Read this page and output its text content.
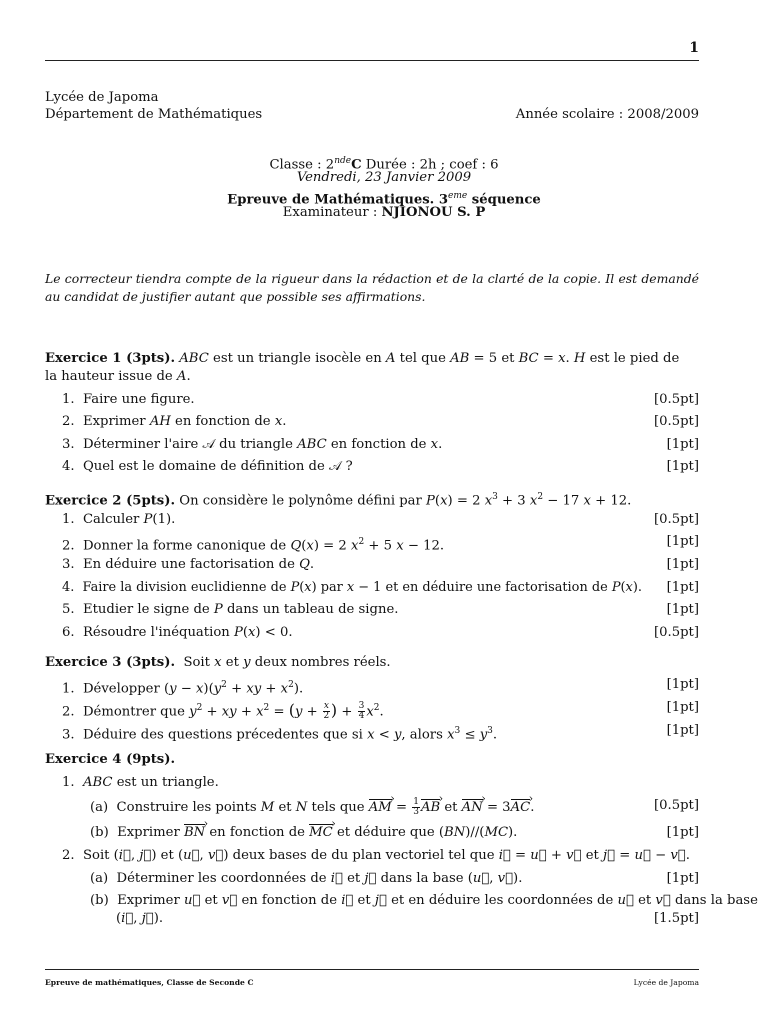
1
Lycée de Japoma
Département de Mathématiques	Année scolaire : 2008/2009
Classe : 2ndeC Durée : 2h ; coef : 6
Vendredi, 23 Janvier 2009
Epreuve de Mathématiques. 3eme séquence
Examinateur : NJIONOU S. P
Le correcteur tiendra compte de la rigueur dans la rédaction et de la clarté de la copie. Il est demandé au candidat de justifier autant que possible ses affirmations.
Exercice 1 (3pts). ABC est un triangle isocèle en A tel que AB = 5 et BC = x. H est le pied de
la hauteur issue de A.
1.  Faire une figure.	[0.5pt]
2.  Exprimer AH en fonction de x.	[0.5pt]
3.  Déterminer l'aire 𝒜 du triangle ABC en fonction de x.	[1pt]
4.  Quel est le domaine de définition de 𝒜 ?	[1pt]
Exercice 2 (5pts). On considère le polynôme défini par P(x) = 2 $x^3 + 3$ $x^2 - 17$ x + 12.
1.  Calculer P(1).	[0.5pt]
2.  Donner la forme canonique de Q(x) = 2 $x^2 + 5$ x − 12.	[1pt]
3.  En déduire une factorisation de Q.	[1pt]
4.  Faire la division euclidienne de P(x) par x − 1 et en déduire une factorisation de P(x). [1pt]
5.  Etudier le signe de P dans un tableau de signe.	[1pt]
6.  Résoudre l'inéquation P(x) < 0.	[0.5pt]
Exercice 3 (3pts).  Soit x et y deux nombres réels.
1.  Développer $(y - x)(y^2$ + xy + $x^2$).	[1pt]
2.  Démontrer que $y^2$ + xy + $x^2 = (y + \frac{x}{2}$ ) + $\frac{3}{4} x^2$.	[1pt]
3.  Déduire des questions précedentes que si x < y, alors $x^3 \le y^3$.	[1pt]
Exercice 4 (9pts).
1.  ABC est un triangle.
(a)  Construire les points M et N tels que AM › = $\frac{1}{3}$ AB › et AN › = 3AC ›.	[0.5pt]
(b)  Exprimer BN › en fonction de MC › et déduire que (BN)//(MC).	[1pt]
2.  Soit (i⃗, j⃗) et (u⃗, v⃗) deux bases de du plan vectoriel tel que i⃗ = u⃗ + v⃗ et j⃗ = u⃗ − v⃗.
(a)  Déterminer les coordonnées de i⃗ et j⃗ dans la base (u⃗, v⃗).	[1pt]
(b)  Exprimer u⃗ et v⃗ en fonction de i⃗ et j⃗ et en déduire les coordonnées de u⃗ et v⃗ dans la base
(i⃗, j⃗).	[1.5pt]
Epreuve de mathématiques, Classe de Seconde C	Lycée de Japoma
